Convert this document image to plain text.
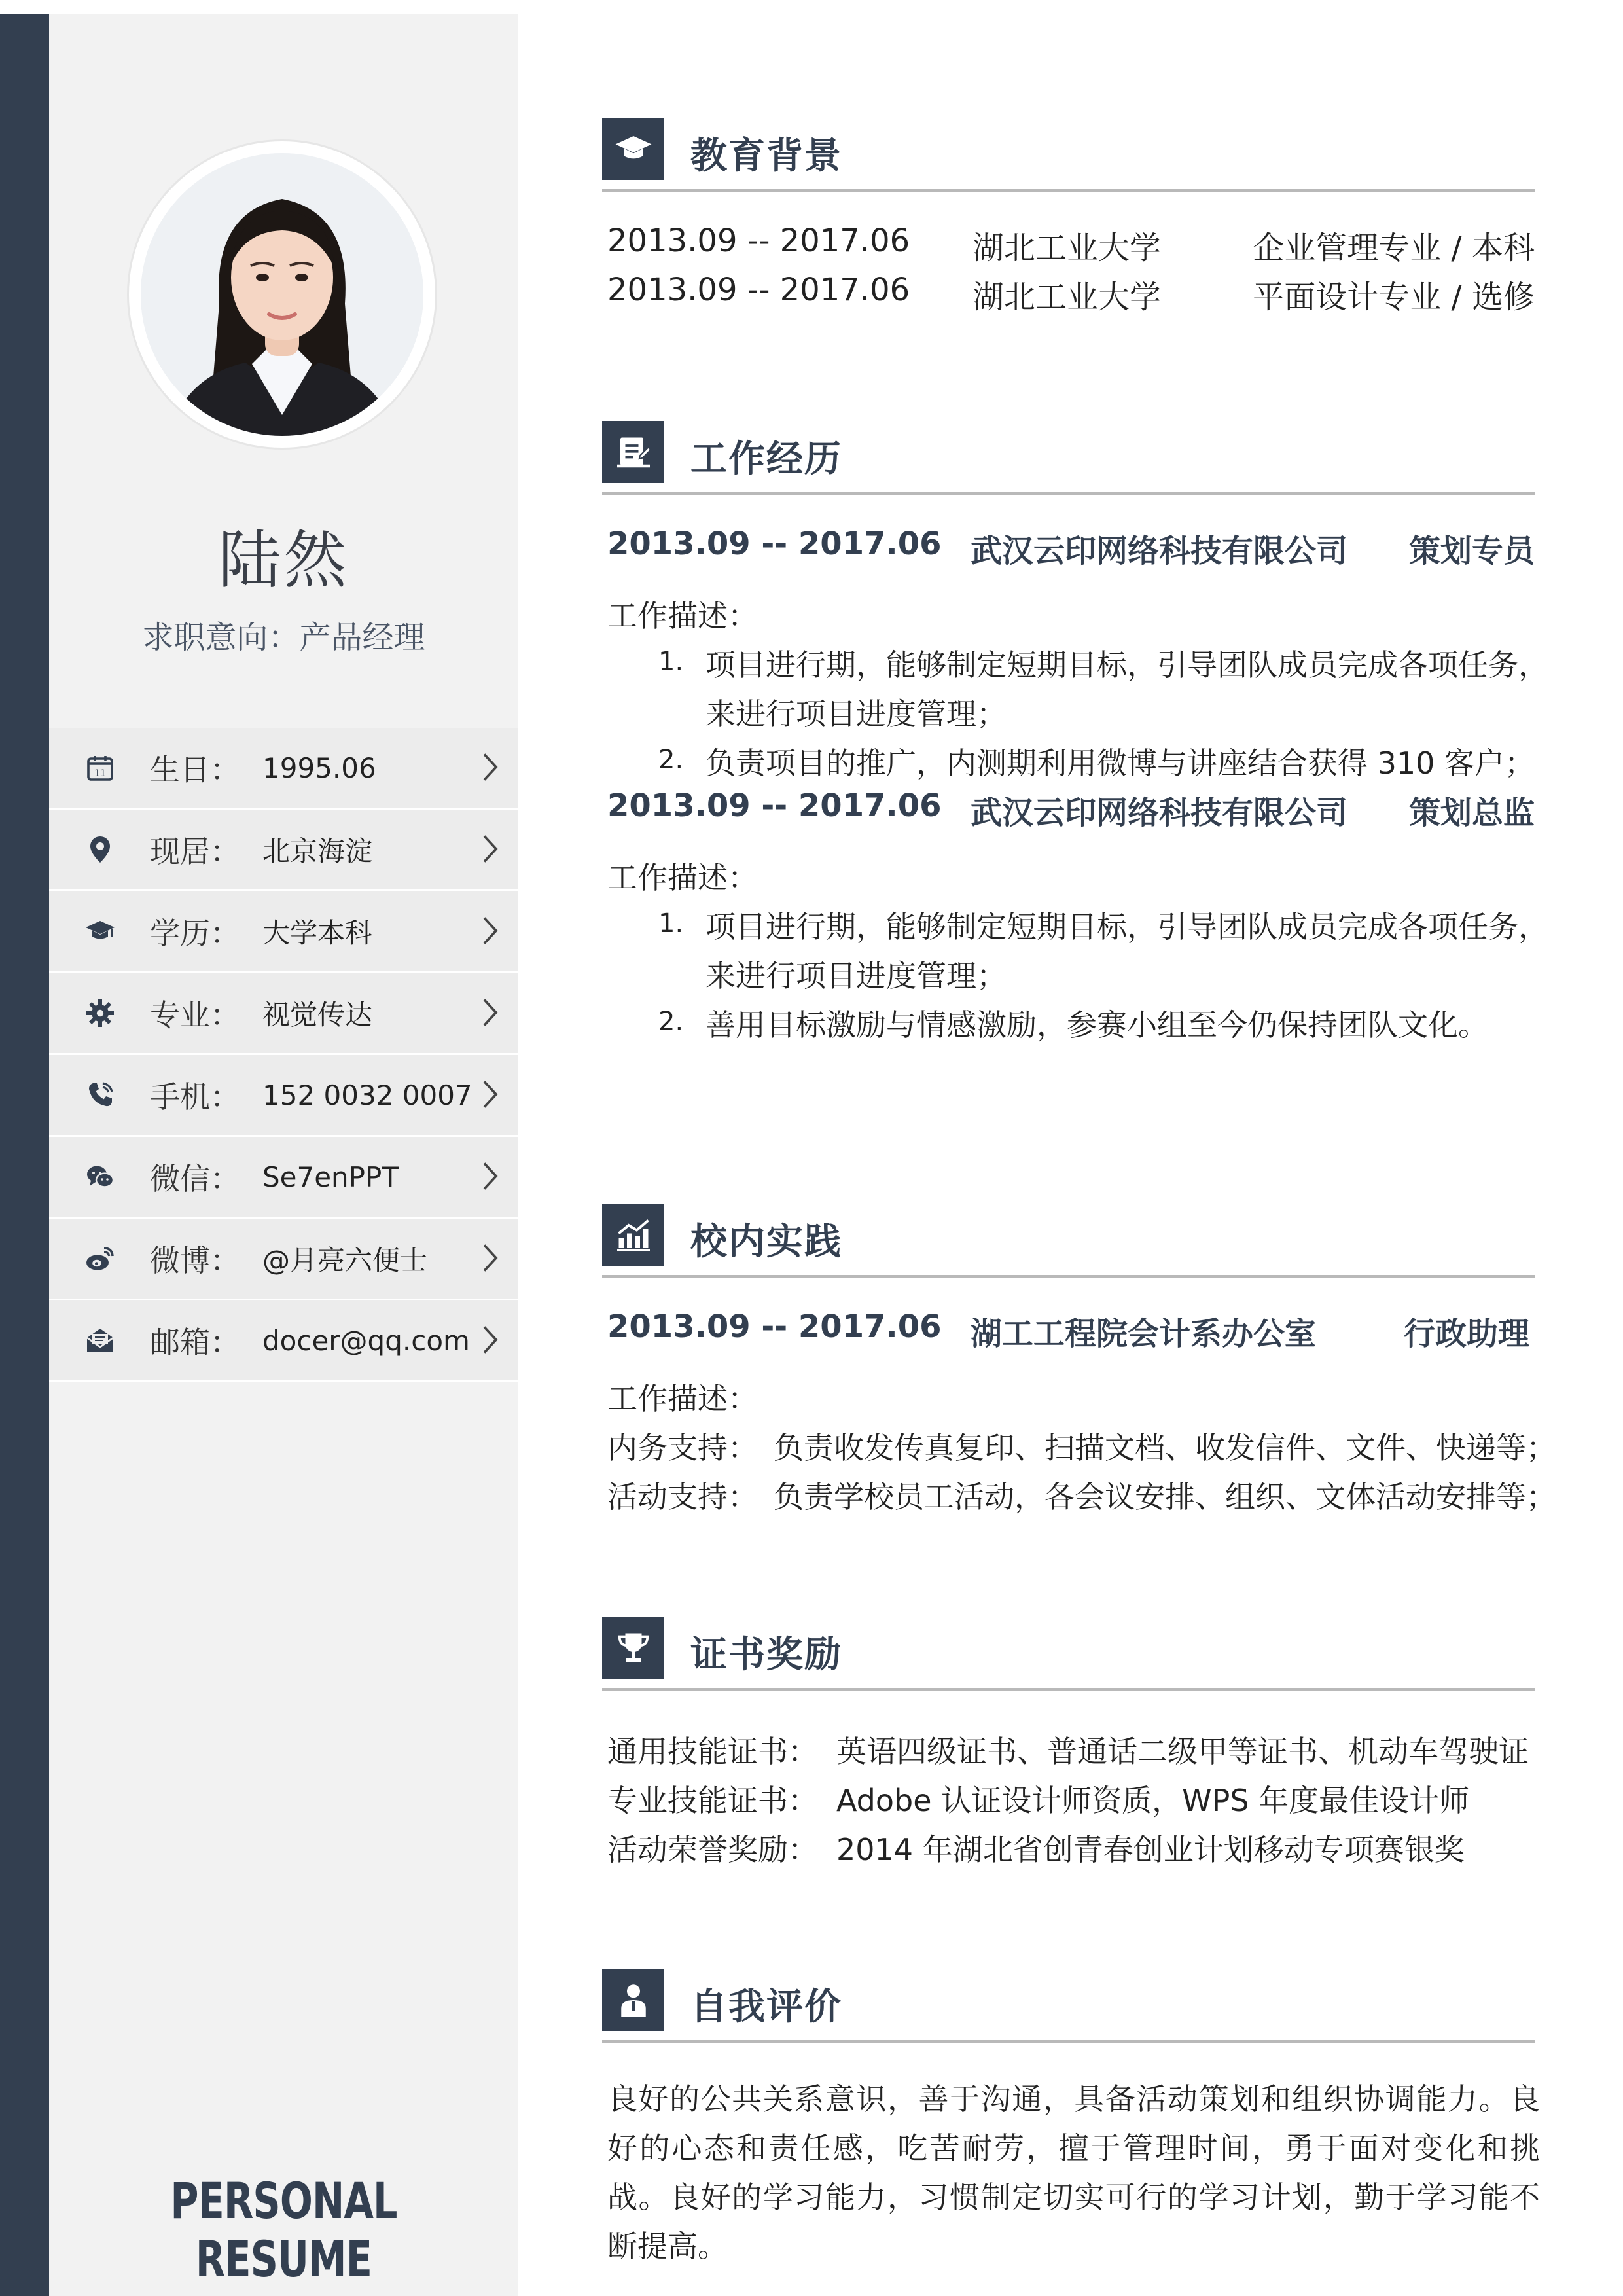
陆然
求职意向：产品经理
11 生日： 1995.06
现居： 北京海淀
学历： 大学本科
专业： 视觉传达
手机： 152 0032 0007
微信： Se7enPPT
微博： @月亮六便士
邮箱： docer@qq.com
PERSONAL RESUME
教育背景
2013.09 -- 2017.06 湖北工业大学	企业管理专业 / 本科
2013.09 -- 2017.06 湖北工业大学	平面设计专业 / 选修
工作经历
2013.09 -- 2017.06 武汉云印网络科技有限公司 策划专员
工作描述：
1. 项目进行期，能够制定短期目标，引导团队成员完成各项任务，
来进行项目进度管理；
2. 负责项目的推广，内测期利用微博与讲座结合获得 310 客户；
2013.09 -- 2017.06 武汉云印网络科技有限公司 策划总监
工作描述：
1. 项目进行期，能够制定短期目标，引导团队成员完成各项任务，
来进行项目进度管理；
2. 善用目标激励与情感激励，参赛小组至今仍保持团队文化。
校内实践
2013.09 -- 2017.06 湖工工程院会计系办公室	行政助理
工作描述：
内务支持： 负责收发传真复印、扫描文档、收发信件、文件、快递等；
活动支持： 负责学校员工活动，各会议安排、组织、文体活动安排等；
证书奖励
通用技能证书： 英语四级证书、普通话二级甲等证书、机动车驾驶证
专业技能证书： Adobe 认证设计师资质，WPS 年度最佳设计师
活动荣誉奖励： 2014 年湖北省创青春创业计划移动专项赛银奖
自我评价
良好的公共关系意识，善于沟通，具备活动策划和组织协调能力。良好的心态和责任感，吃苦耐劳，擅于管理时间，勇于面对变化和挑战。良好的学习能力，习惯制定切实可行的学习计划，勤于学习能不断提高。
